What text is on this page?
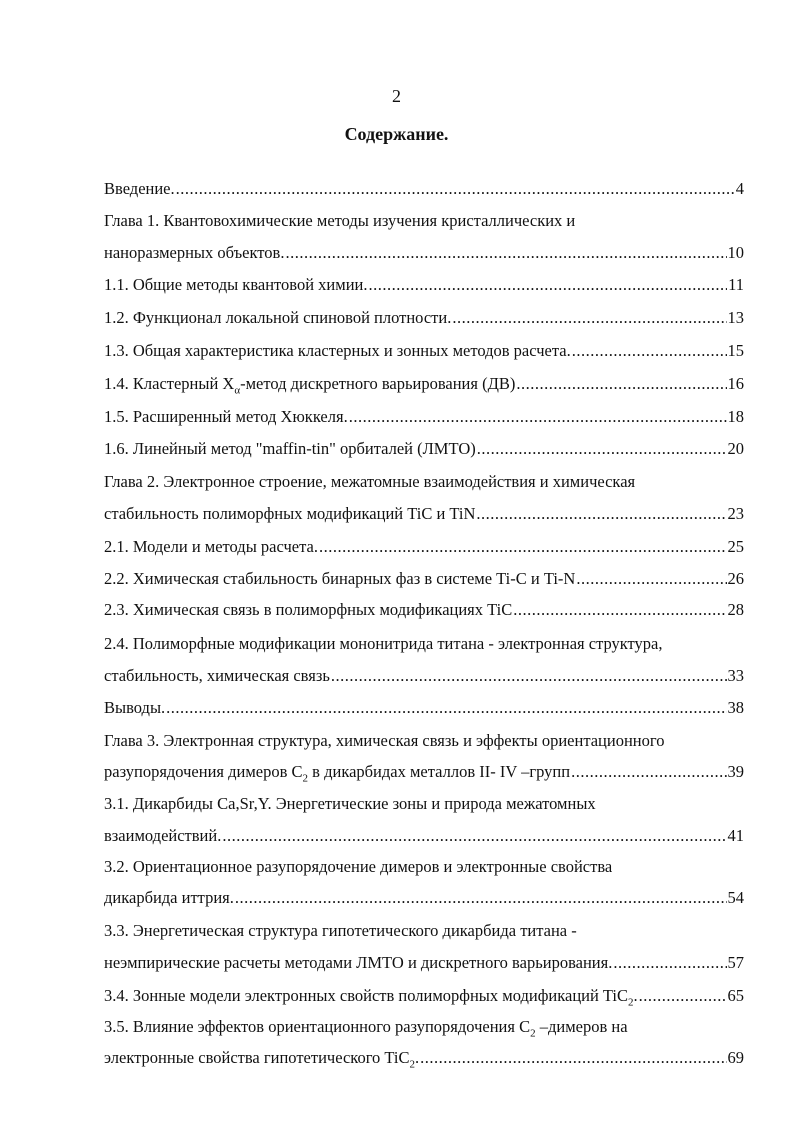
2
Содержание.
Введение. .....	4
Глава 1. Квантовохимические методы изучения кристаллических и
наноразмерных объектов. .....	10
1.1. Общие методы квантовой химии. .....	11
1.2. Функционал локальной спиновой плотности. .....	13
1.3. Общая характеристика кластерных и зонных методов расчета. .....	15
1.4. Кластерный $X_\alpha$-метод дискретного варьирования (ДВ) .....	16
1.5. Расширенный метод Хюккеля. .....	18
1.6. Линейный метод "maffin-tin" орбиталей (ЛМТО) .....	20
Глава 2. Электронное строение, межатомные взаимодействия и химическая
стабильность полиморфных модификаций TiC и TiN .....	23
2.1. Модели и методы расчета. .....	25
2.2. Химическая стабильность бинарных фаз в системе Ti-C и Ti-N .....	26
2.3. Химическая связь в полиморфных модификациях TiC .....	28
2.4. Полиморфные модификации мононитрида титана - электронная структура,
стабильность, химическая связь .....	33
Выводы. .....	38
Глава 3. Электронная структура, химическая связь и эффекты ориентационного
разупорядочения димеров $C_2$ в дикарбидах металлов II- IV –групп .....	39
3.1. Дикарбиды Ca,Sr,Y. Энергетические зоны и природа межатомных
взаимодействий. .....	41
3.2. Ориентационное разупорядочение димеров и электронные свойства
дикарбида иттрия. .....	54
3.3. Энергетическая структура гипотетического дикарбида титана -
неэмпирические расчеты методами ЛМТО и дискретного варьирования. .....	57
3.4. Зонные модели электронных свойств полиморфных модификаций TiC$_2$. .....	65
3.5. Влияние эффектов ориентационного разупорядочения $C_2$ –димеров на
электронные свойства гипотетического TiC$_2$. .....	69
